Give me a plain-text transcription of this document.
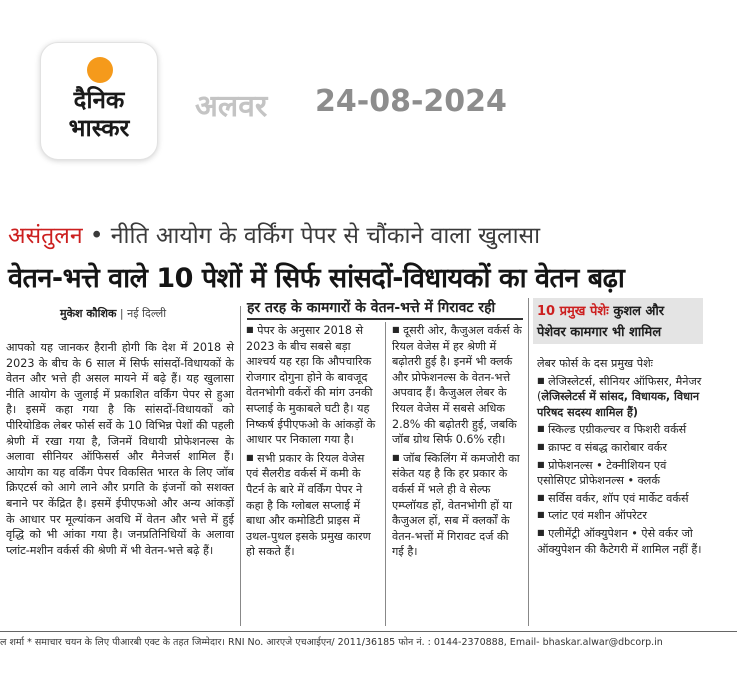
दैनिक
भास्कर
अलवर 24-08-2024
असंतुलन • नीति आयोग के वर्किंग पेपर से चौंकाने वाला खुलासा
वेतन-भत्ते वाले 10 पेशों में सिर्फ सांसदों-विधायकों का वेतन बढ़ा
मुकेश कौशिक | नई दिल्ली	हर तरह के कामगारों के वेतन-भत्ते में गिरावट रही

आपको यह जानकर हैरानी होगी कि देश में 2018 से 2023 के बीच के 6 साल में सिर्फ सांसदों-विधायकों के वेतन और भत्ते ही असल मायने में बढ़े हैं। यह खुलासा नीति आयोग के जुलाई में प्रकाशित वर्किंग पेपर से हुआ है। इसमें कहा गया है कि सांसदों-विधायकों को पीरियोडिक लेबर फोर्स सर्वे के 10 विभिन्न पेशों की पहली श्रेणी में रखा गया है, जिनमें विधायी प्रोफेशनल्स के अलावा सीनियर ऑफिसर्स और मैनेजर्स शामिल हैं। आयोग का यह वर्किंग पेपर विकसित भारत के लिए जॉब क्रिएटर्स को आगे लाने और प्रगति के इंजनों को सशक्त बनाने पर केंद्रित है। इसमें ईपीएफओ और अन्य आंकड़ों के आधार पर मूल्यांकन अवधि में वेतन और भत्ते में हुई वृद्धि को भी आंका गया है। जनप्रतिनिधियों के अलावा प्लांट-मशीन वर्कर्स की श्रेणी में भी वेतन-भत्ते बढ़े हैं।

■ पेपर के अनुसार 2018 से 2023 के बीच सबसे बड़ा आश्चर्य यह रहा कि औपचारिक रोजगार दोगुना होने के बावजूद वेतनभोगी वर्करों की मांग उनकी सप्लाई के मुकाबले घटी है। यह निष्कर्ष ईपीएफओ के आंकड़ों के आधार पर निकाला गया है।

■ सभी प्रकार के रियल वेजेस एवं सैलरीड वर्कर्स में कमी के पैटर्न के बारे में वर्किंग पेपर ने कहा है कि ग्लोबल सप्लाई में बाधा और कमोडिटी प्राइस में उथल-पुथल इसके प्रमुख कारण हो सकते हैं।

■ दूसरी ओर, कैजुअल वर्कर्स के रियल वेजेस में हर श्रेणी में बढ़ोतरी हुई है। इनमें भी क्लर्क और प्रोफेशनल्स के वेतन-भत्ते अपवाद हैं। कैजुअल लेबर के रियल वेजेस में सबसे अधिक 2.8% की बढ़ोतरी हुई, जबकि जॉब ग्रोथ सिर्फ 0.6% रही।

■ जॉब स्किलिंग में कमजोरी का संकेत यह है कि हर प्रकार के वर्कर्स में भले ही वे सेल्फ एम्प्लॉयड हों, वेतनभोगी हों या कैजुअल हों, सब में क्लर्कों के वेतन-भत्तों में गिरावट दर्ज की गई है।

10 प्रमुख पेशेः कुशल और
पेशेवर कामगार भी शामिल
लेबर फोर्स के दस प्रमुख पेशेः
■ लेजिस्लेटर्स, सीनियर ऑफिसर, मैनेजर (लेजिस्लेटर्स में सांसद, विधायक, विधान परिषद सदस्य शामिल हैं)
■ स्किल्ड एग्रीकल्चर व फिशरी वर्कर्स
■ क्राफ्ट व संबद्ध कारोबार वर्कर
■ प्रोफेशनल्स • टेक्नीशियन एवं एसोसिएट प्रोफेशनल्स • क्लर्क
■ सर्विस वर्कर, शॉप एवं मार्केट वर्कर्स
■ प्लांट एवं मशीन ऑपरेटर
■ एलीमेंट्री ऑक्युपेशन • ऐसे वर्कर जो ऑक्युपेशन की कैटेगरी में शामिल नहीं हैं।
ल शर्मा * समाचार चयन के लिए पीआरबी एक्ट के तहत जिम्मेदार। RNI No. आरएजे एचआईएन/ 2011/36185 फोन नं. : 0144-2370888, Email- bhaskar.alwar@dbcorp.in
